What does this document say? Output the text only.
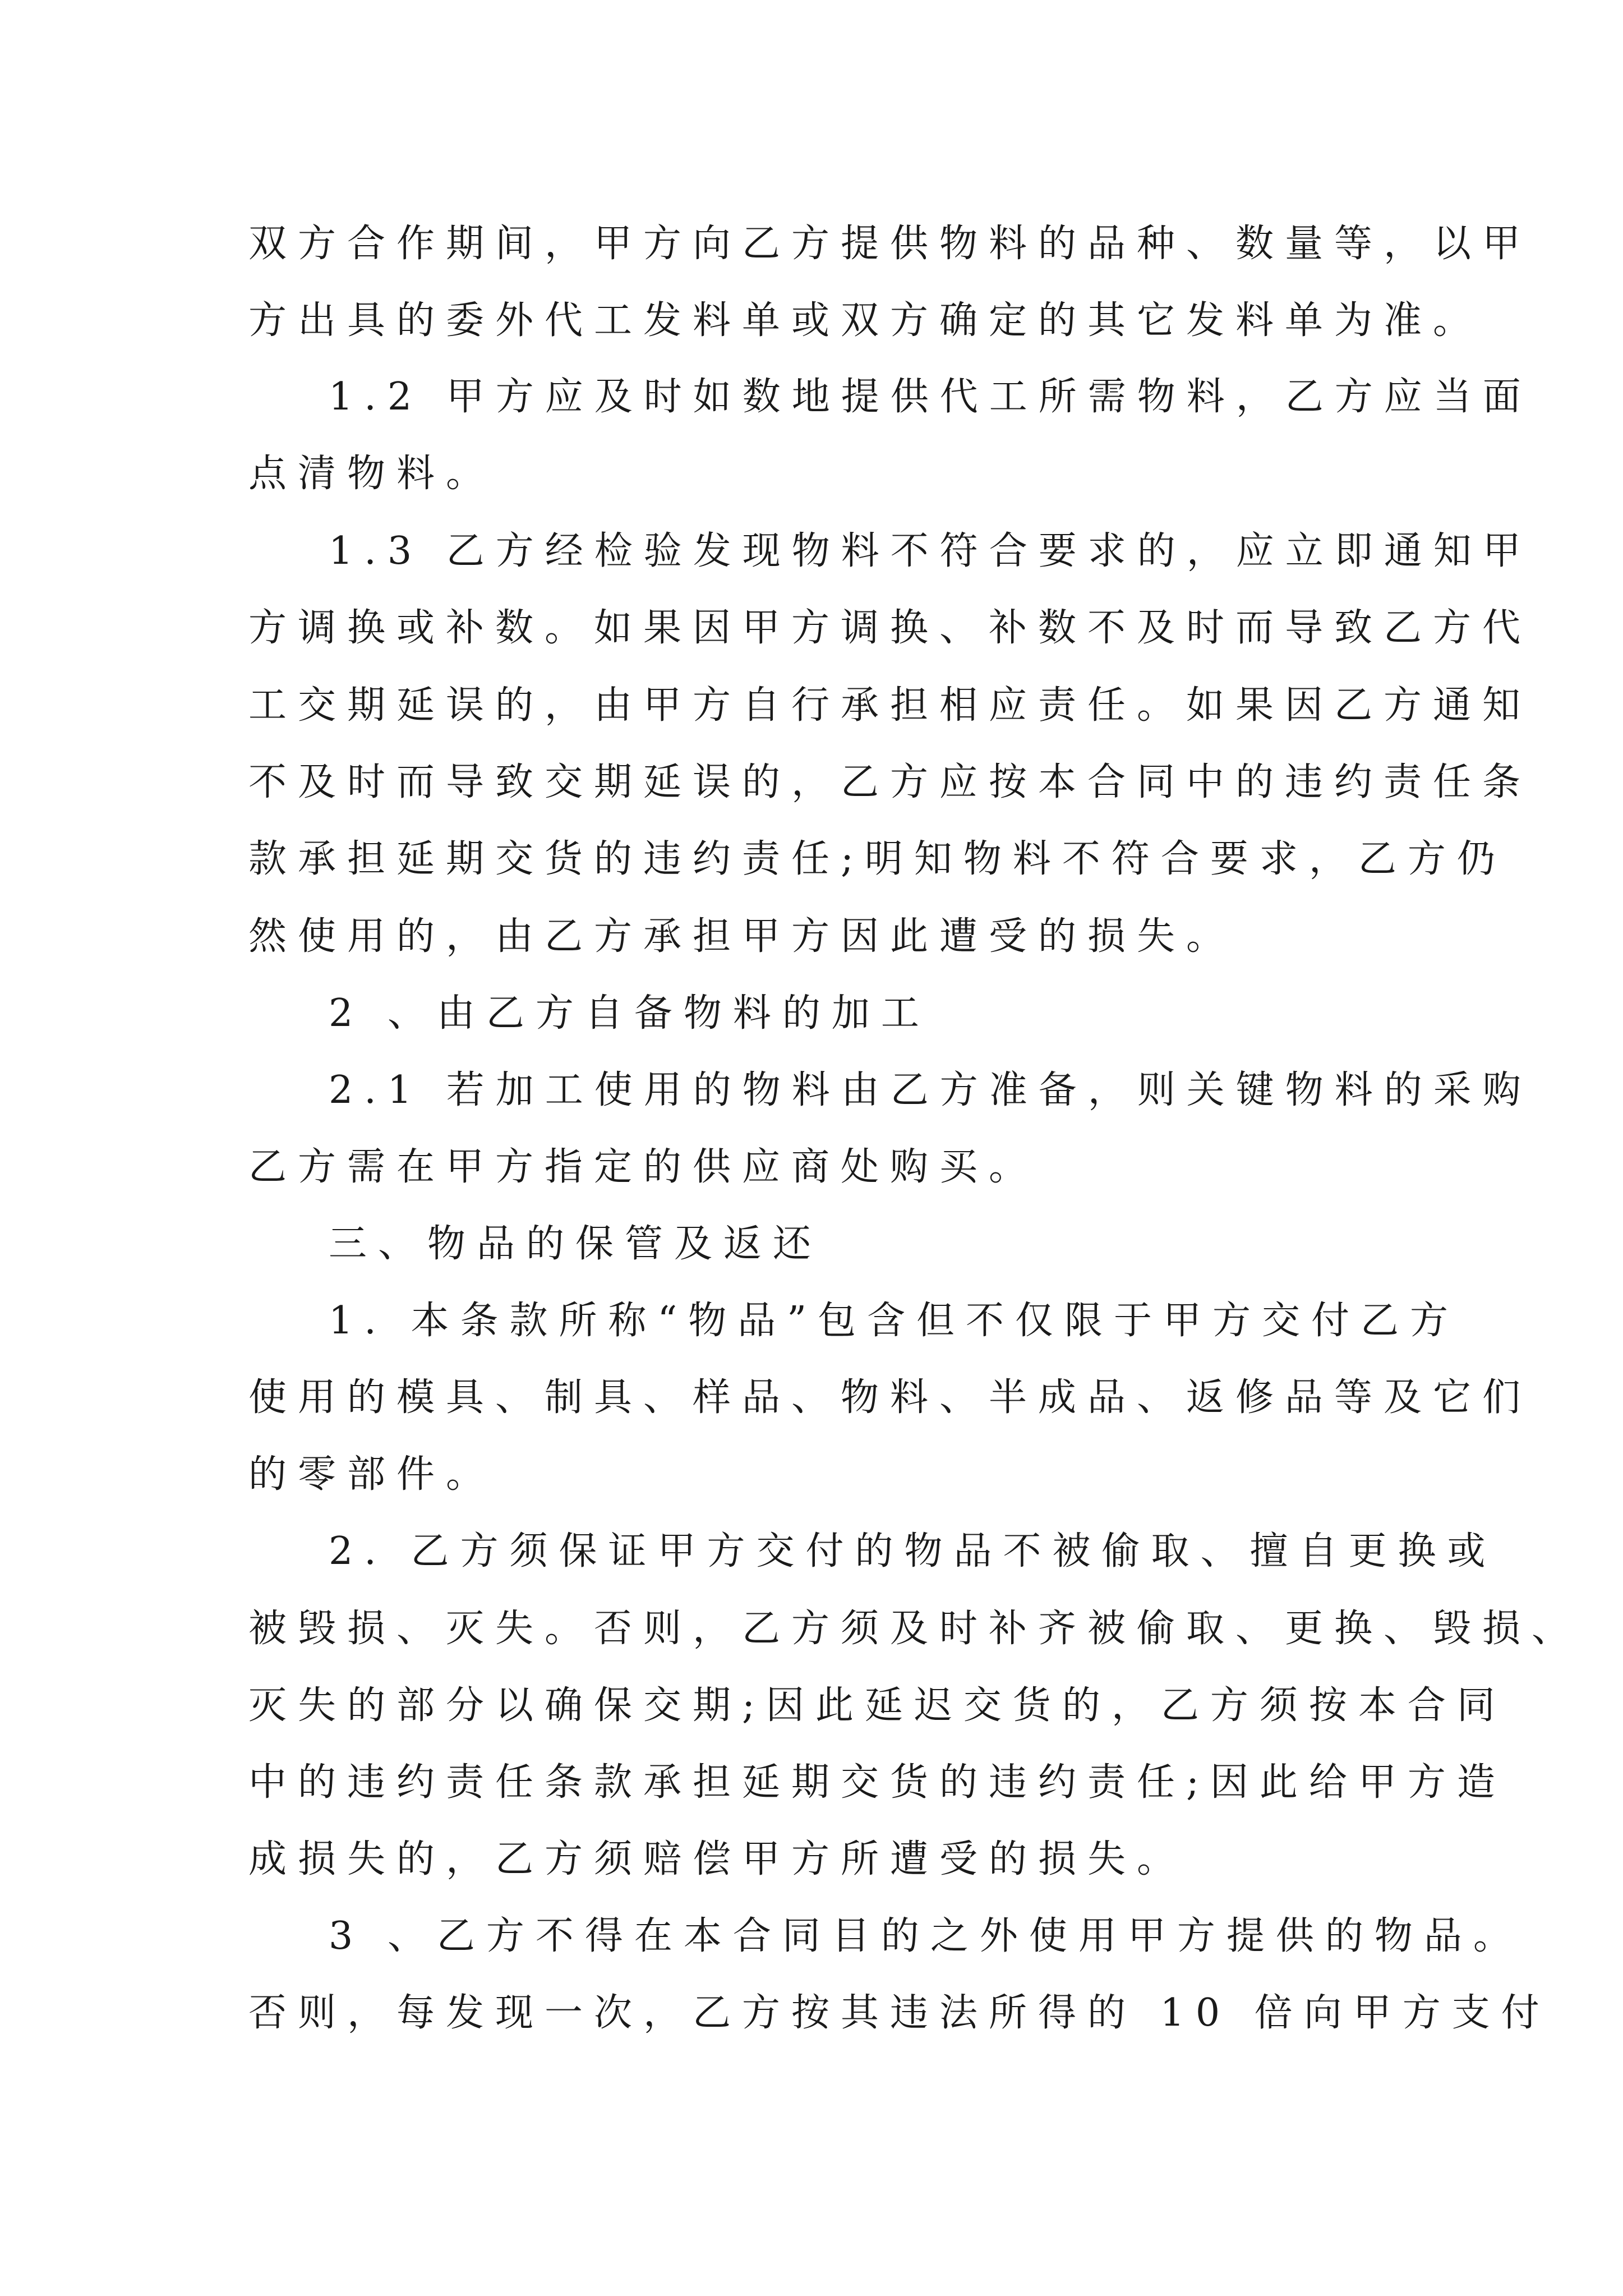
双方合作期间，甲方向乙方提供物料的品种、数量等，以甲
方出具的委外代工发料单或双方确定的其它发料单为准。
1.2 甲方应及时如数地提供代工所需物料，乙方应当面
点清物料。
1.3 乙方经检验发现物料不符合要求的，应立即通知甲
方调换或补数。如果因甲方调换、补数不及时而导致乙方代
工交期延误的，由甲方自行承担相应责任。如果因乙方通知
不及时而导致交期延误的，乙方应按本合同中的违约责任条
款承担延期交货的违约责任;明知物料不符合要求，乙方仍
然使用的，由乙方承担甲方因此遭受的损失。
2 、由乙方自备物料的加工
2.1 若加工使用的物料由乙方准备，则关键物料的采购
乙方需在甲方指定的供应商处购买。
三、物品的保管及返还
1. 本条款所称“物品”包含但不仅限于甲方交付乙方
使用的模具、制具、样品、物料、半成品、返修品等及它们
的零部件。
2. 乙方须保证甲方交付的物品不被偷取、擅自更换或
被毁损、灭失。否则，乙方须及时补齐被偷取、更换、毁损、
灭失的部分以确保交期;因此延迟交货的，乙方须按本合同
中的违约责任条款承担延期交货的违约责任;因此给甲方造
成损失的，乙方须赔偿甲方所遭受的损失。
3 、乙方不得在本合同目的之外使用甲方提供的物品。
否则，每发现一次，乙方按其违法所得的 10 倍向甲方支付
